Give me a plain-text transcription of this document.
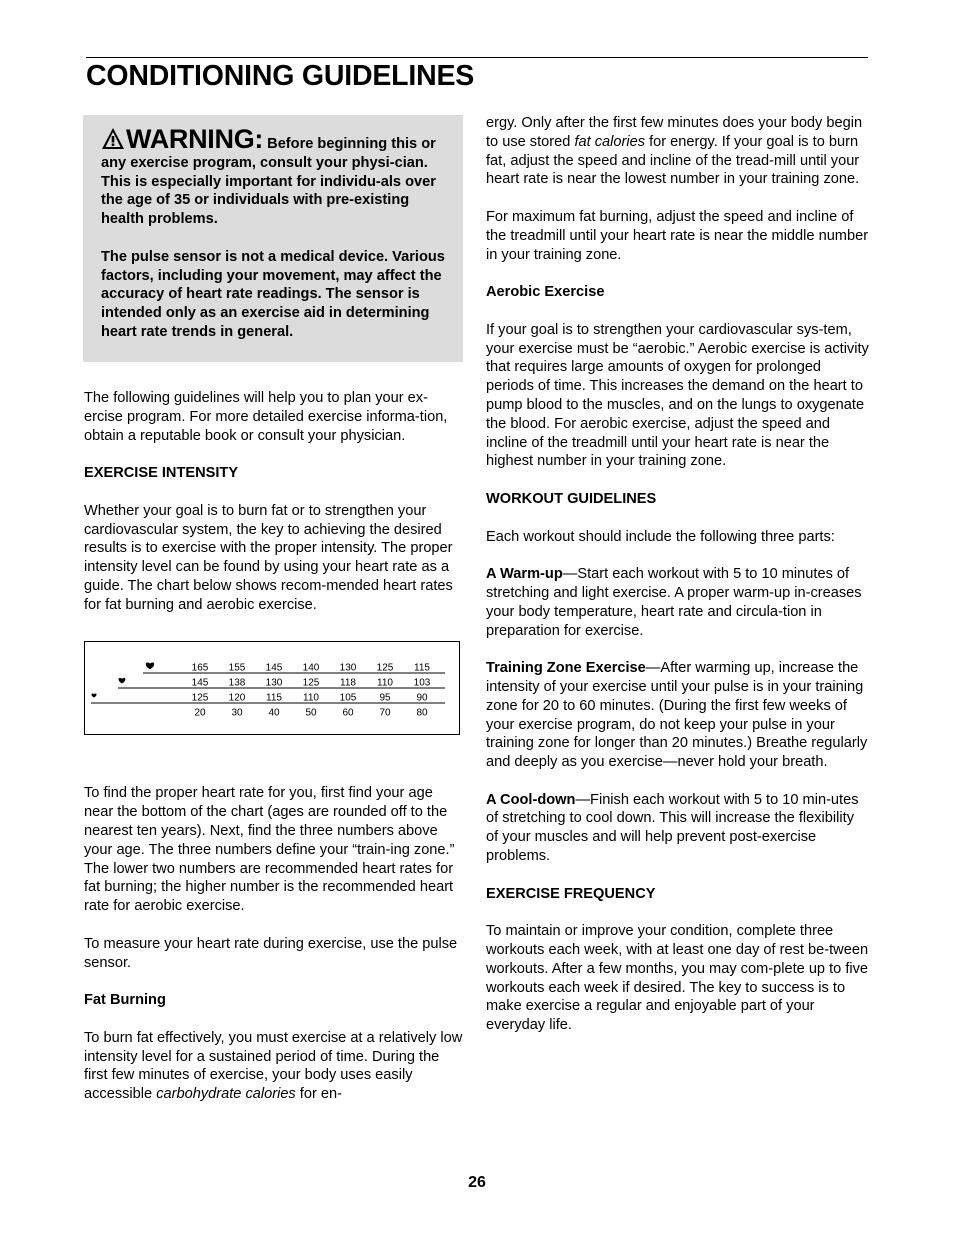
CONDITIONING GUIDELINES

WARNING: Before beginning this or any exercise program, consult your physi-cian. This is especially important for individu-als over the age of 35 or individuals with pre-existing health problems.

The pulse sensor is not a medical device. Various factors, including your movement, may affect the accuracy of heart rate readings. The sensor is intended only as an exercise aid in determining heart rate trends in general.

The following guidelines will help you to plan your ex-ercise program. For more detailed exercise informa-tion, obtain a reputable book or consult your physician.

EXERCISE INTENSITY

Whether your goal is to burn fat or to strengthen your cardiovascular system, the key to achieving the desired results is to exercise with the proper intensity. The proper intensity level can be found by using your heart rate as a guide. The chart below shows recom-mended heart rates for fat burning and aerobic exercise.

To find the proper heart rate for you, first find your age near the bottom of the chart (ages are rounded off to the nearest ten years). Next, find the three numbers above your age. The three numbers define your “train-ing zone.” The lower two numbers are recommended heart rates for fat burning; the higher number is the recommended heart rate for aerobic exercise.

To measure your heart rate during exercise, use the pulse sensor.

Fat Burning

To burn fat effectively, you must exercise at a relatively low intensity level for a sustained period of time. During the first few minutes of exercise, your body uses easily accessible carbohydrate calories for en-

165 155 145 140 130 125 115
145 138 130 125 118 110 103
125 120 115 110 105 95	90
20	30	40	50	60	70	80

ergy. Only after the first few minutes does your body begin to use stored fat calories for energy. If your goal is to burn fat, adjust the speed and incline of the tread-mill until your heart rate is near the lowest number in your training zone.

For maximum fat burning, adjust the speed and incline of the treadmill until your heart rate is near the middle number in your training zone.

Aerobic Exercise

If your goal is to strengthen your cardiovascular sys-tem, your exercise must be “aerobic.” Aerobic exercise is activity that requires large amounts of oxygen for prolonged periods of time. This increases the demand on the heart to pump blood to the muscles, and on the lungs to oxygenate the blood. For aerobic exercise, adjust the speed and incline of the treadmill until your heart rate is near the highest number in your training zone.

WORKOUT GUIDELINES

Each workout should include the following three parts:

A Warm-up—Start each workout with 5 to 10 minutes of stretching and light exercise. A proper warm-up in-creases your body temperature, heart rate and circula-tion in preparation for exercise.

Training Zone Exercise—After warming up, increase the intensity of your exercise until your pulse is in your training zone for 20 to 60 minutes. (During the first few weeks of your exercise program, do not keep your pulse in your training zone for longer than 20 minutes.) Breathe regularly and deeply as you exercise—never hold your breath.

A Cool-down—Finish each workout with 5 to 10 min-utes of stretching to cool down. This will increase the flexibility of your muscles and will help prevent post-exercise problems.

EXERCISE FREQUENCY

To maintain or improve your condition, complete three workouts each week, with at least one day of rest be-tween workouts. After a few months, you may com-plete up to five workouts each week if desired. The key to success is to make exercise a regular and enjoyable part of your everyday life.

26
